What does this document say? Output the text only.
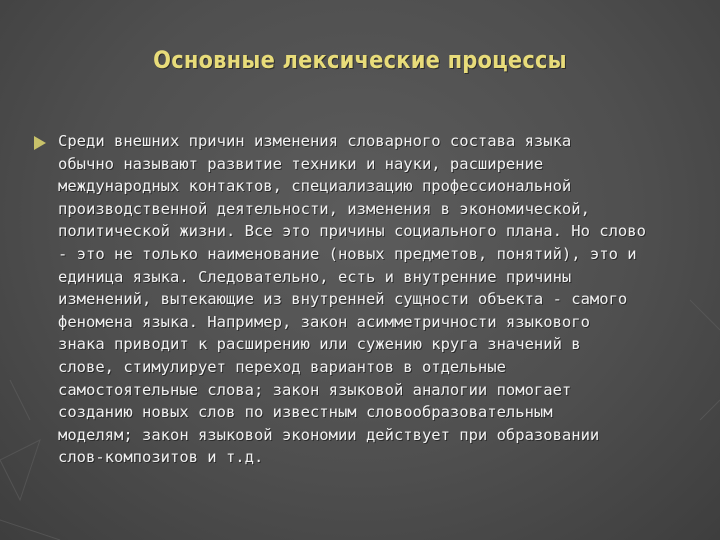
Основные лексические процессы
Среди внешних причин изменения словарного состава языка
обычно называют развитие техники и науки, расширение
международных контактов, специализацию профессиональной
производственной деятельности, изменения в экономической,
политической жизни. Все это причины социального плана. Но слово
- это не только наименование (новых предметов, понятий), это и
единица языка. Следовательно, есть и внутренние причины
изменений, вытекающие из внутренней сущности объекта - самого
феномена языка. Например, закон асимметричности языкового
знака приводит к расширению или сужению круга значений в
слове, стимулирует переход вариантов в отдельные
самостоятельные слова; закон языковой аналогии помогает
созданию новых слов по известным словообразовательным
моделям; закон языковой экономии действует при образовании
слов-композитов и т.д.
